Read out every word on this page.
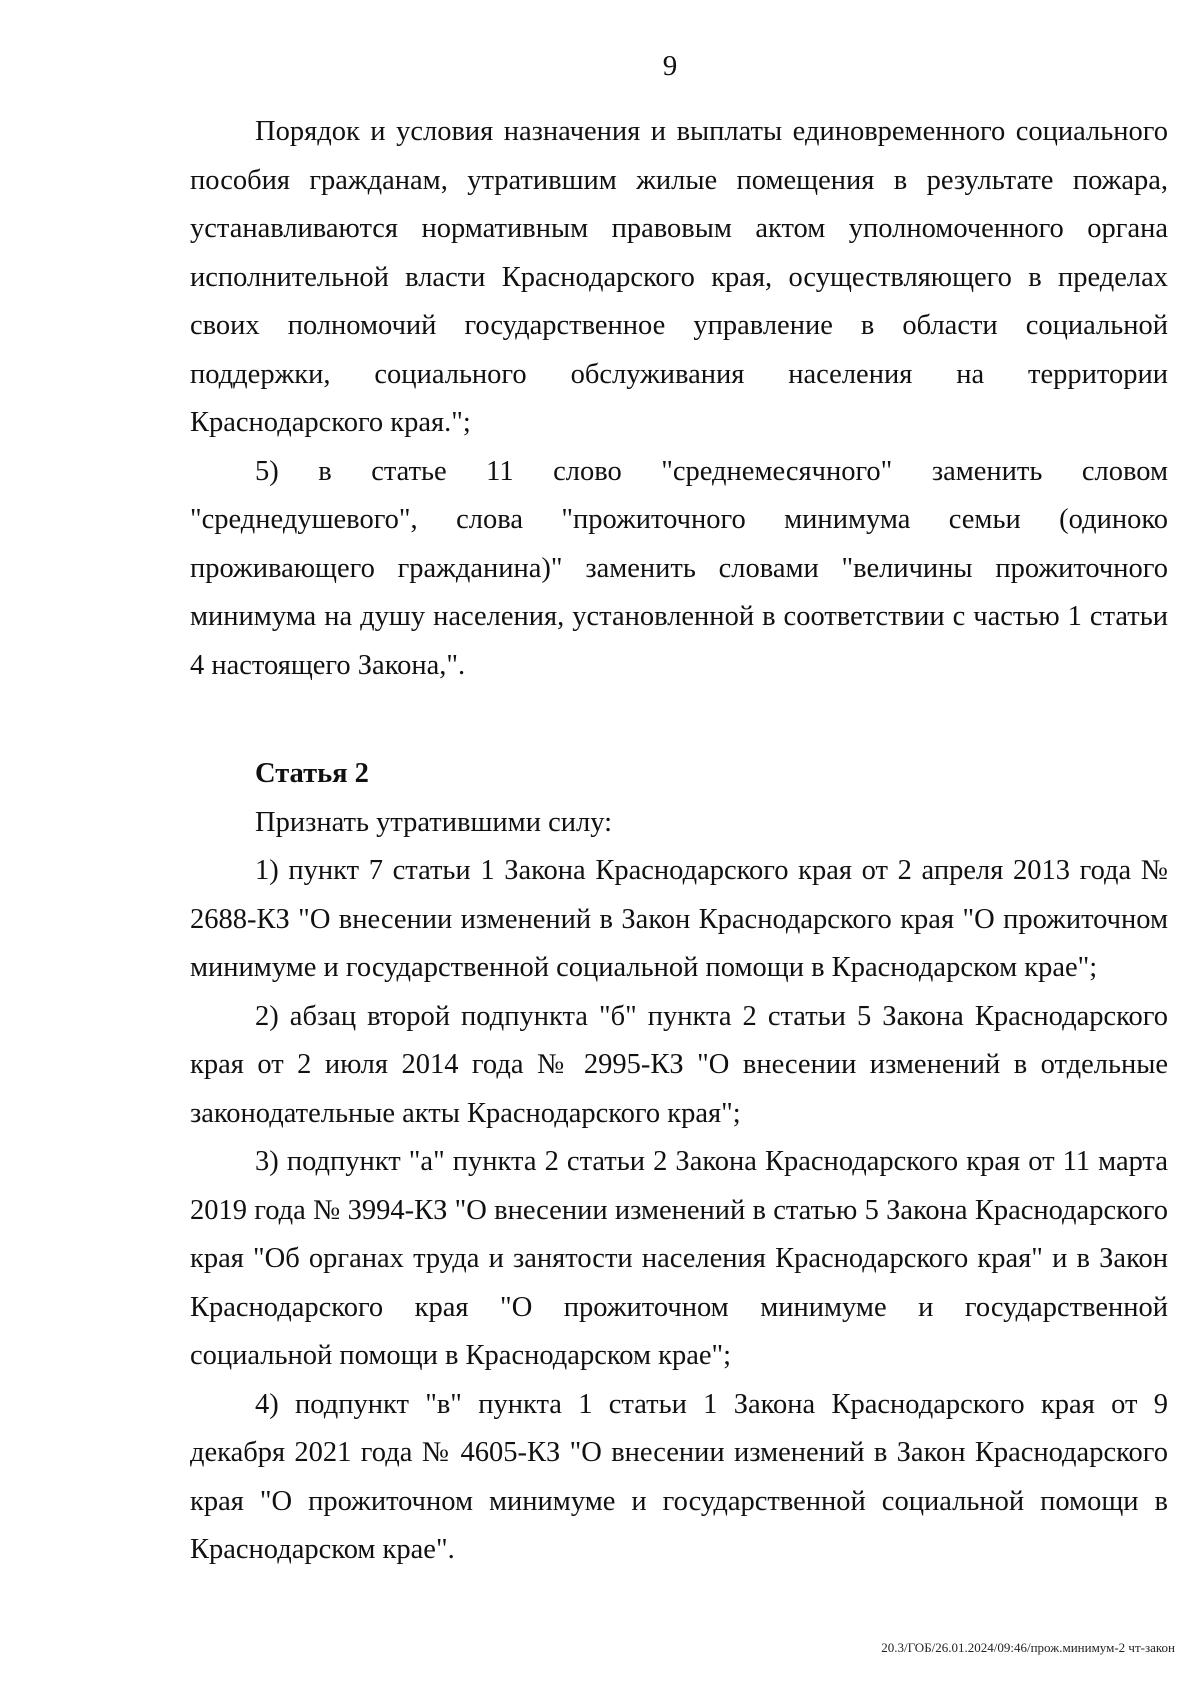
9

Порядок и условия назначения и выплаты единовременного социального пособия гражданам, утратившим жилые помещения в результате пожара, устанавливаются нормативным правовым актом уполномоченного органа исполнительной власти Краснодарского края, осуществляющего в пределах своих полномочий государственное управление в области социальной поддержки, социального обслуживания населения на территории Краснодарского края.";

5) в статье 11 слово "среднемесячного" заменить словом "среднедушевого", слова "прожиточного минимума семьи (одиноко проживающего гражданина)" заменить словами "величины прожиточного минимума на душу населения, установленной в соответствии с частью 1 статьи 4 настоящего Закона,".

Статья 2

Признать утратившими силу:

1) пункт 7 статьи 1 Закона Краснодарского края от 2 апреля 2013 года № 2688-КЗ "О внесении изменений в Закон Краснодарского края "О прожиточном минимуме и государственной социальной помощи в Краснодарском крае";

2) абзац второй подпункта "б" пункта 2 статьи 5 Закона Краснодарского края от 2 июля 2014 года № 2995-КЗ "О внесении изменений в отдельные законодательные акты Краснодарского края";

3) подпункт "а" пункта 2 статьи 2 Закона Краснодарского края от 11 марта 2019 года № 3994-КЗ "О внесении изменений в статью 5 Закона Краснодарского края "Об органах труда и занятости населения Краснодарского края" и в Закон Краснодарского края "О прожиточном минимуме и государственной социальной помощи в Краснодарском крае";

4) подпункт "в" пункта 1 статьи 1 Закона Краснодарского края от 9 декабря 2021 года № 4605-КЗ "О внесении изменений в Закон Краснодарского края "О прожиточном минимуме и государственной социальной помощи в Краснодарском крае".

20.3/ГОБ/26.01.2024/09:46/прож.минимум-2 чт-закон
